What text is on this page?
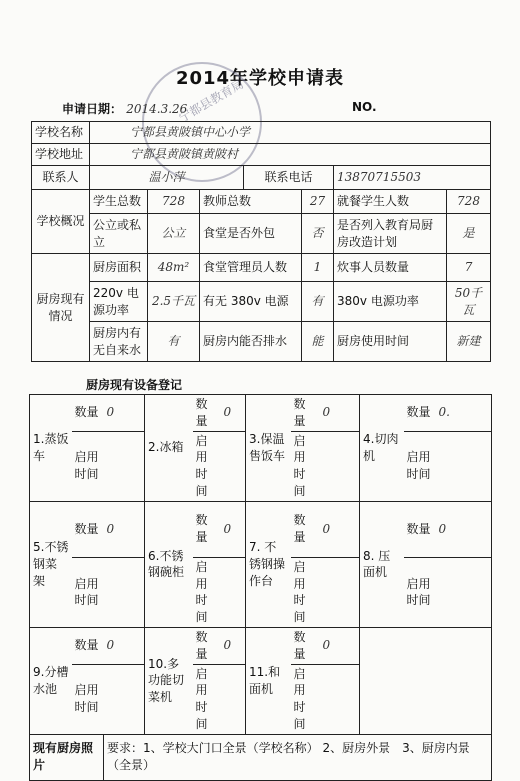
2014年学校申请表
宁都县教育局
申请日期： 2014.3.26	NO.
学校名称	宁都县黄陂镇中心小学						
学校地址	宁都县黄陂镇黄陂村						
联系人	温小萍			联系电话		13870715503	
学校概况	学生总数	728	教师总数		27	就餐学生人数	728
	公立或私立	公立	食堂是否外包		否	是否列入教育局厨房改造计划	是
厨房现有情况	厨房面积	48m²	食堂管理员人数		1	炊事人员数量	7
	220v 电源功率	2.5千瓦	有无 380v 电源		有	380v 电源功率	50千瓦
	厨房内有无自来水	有	厨房内能否排水		能	厨房使用时间	新建
厨房现有设备登记
1.蒸饭车	数量	0	2.冰箱	数量	0	3.保温售饭车	数量	0	4.切肉机	数量	0.
	启用时间			启用时间			启用时间			启用时间	
5.不锈钢菜架	数量	0	6.不锈钢碗柜	数量	0	7. 不锈钢操作台	数量	0	8. 压面机	数量	0
	启用时间			启用时间			启用时间			启用时间	
9.分槽水池	数量	0	10.多功能切菜机	数量	0	11.和面机	数量	0			
	启用时间			启用时间			启用时间				
现有厨房照片		要求：1、学校大门口全景（学校名称） 2、厨房外景　3、厨房内景（全景）									
